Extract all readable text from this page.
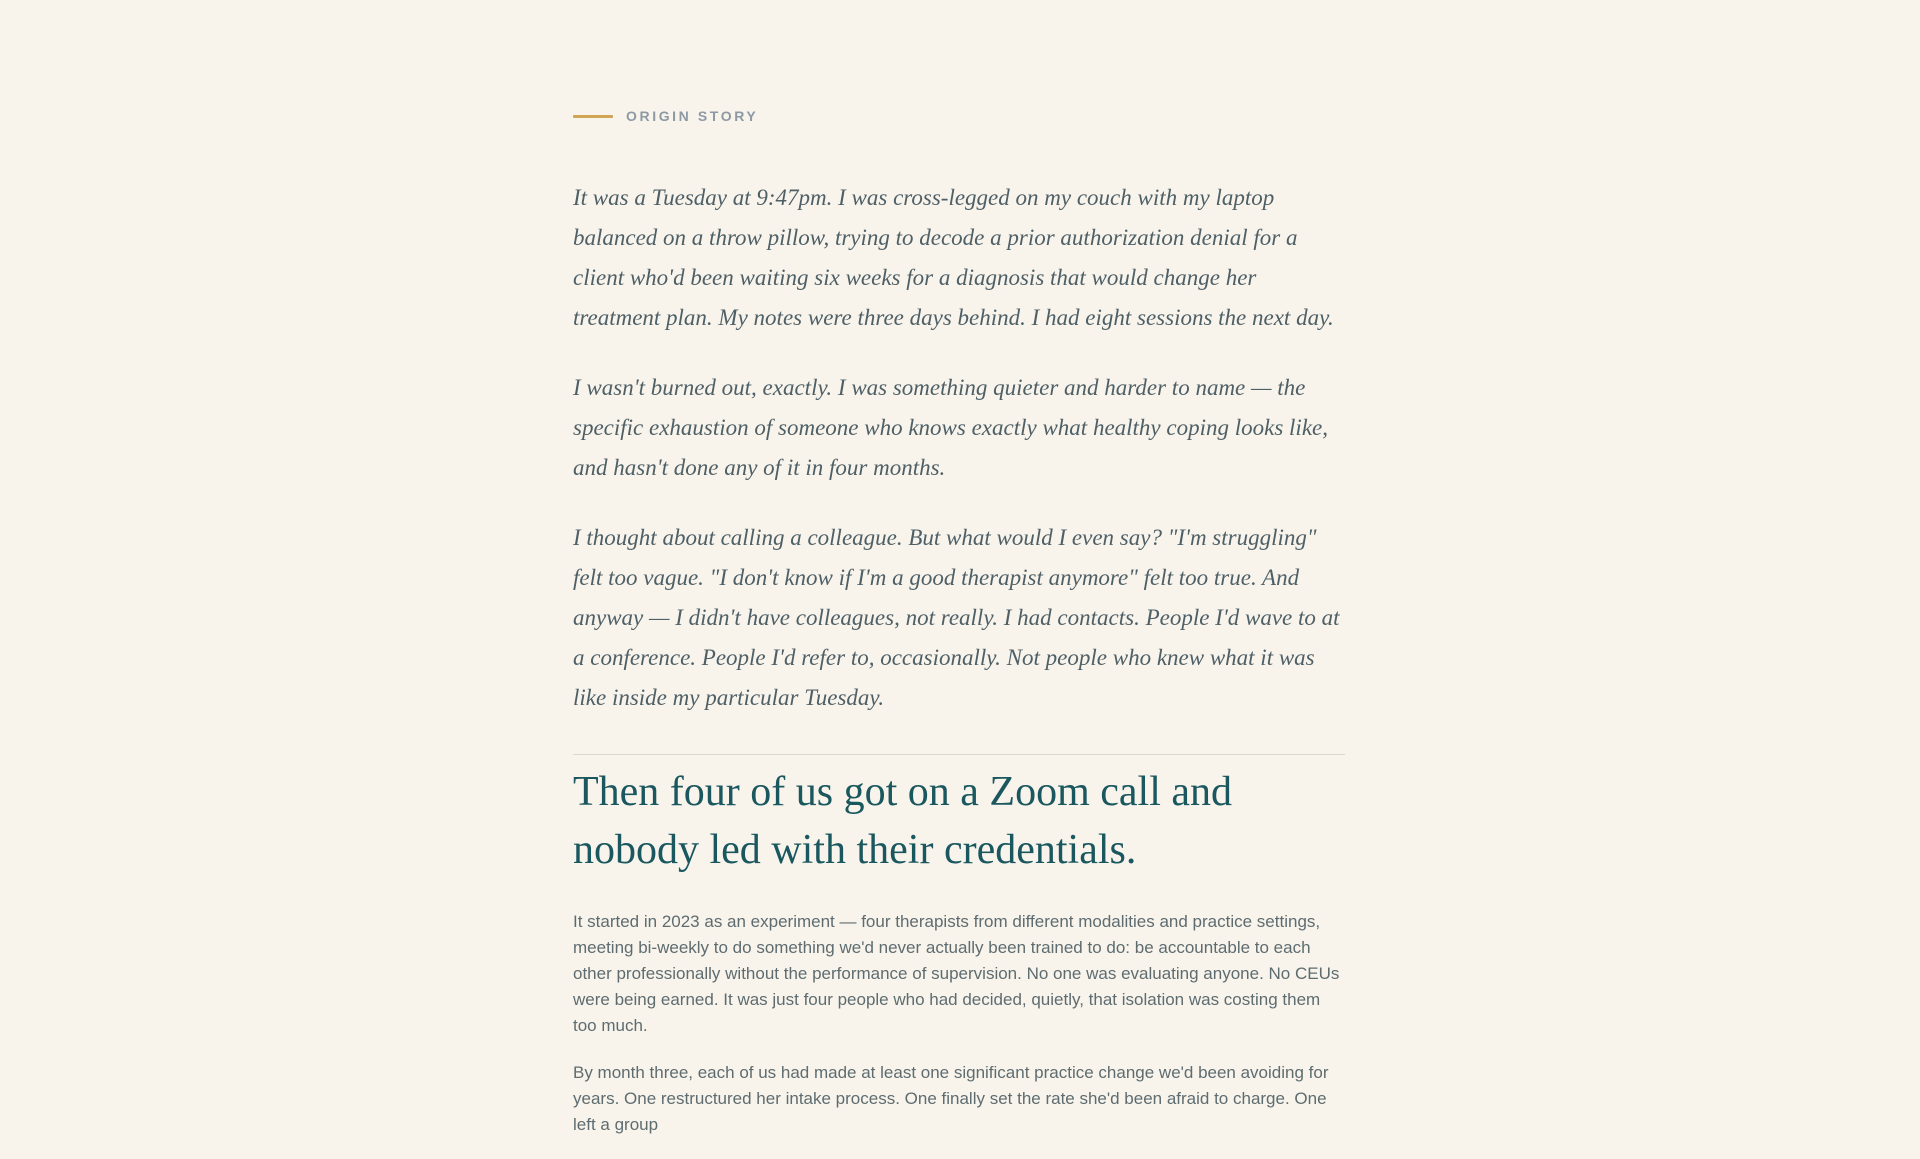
ORIGIN STORY

It was a Tuesday at 9:47pm. I was cross-legged on my couch with my laptop balanced on a throw pillow, trying to decode a prior authorization denial for a client who'd been waiting six weeks for a diagnosis that would change her treatment plan. My notes were three days behind. I had eight sessions the next day.

I wasn't burned out, exactly. I was something quieter and harder to name — the specific exhaustion of someone who knows exactly what healthy coping looks like, and hasn't done any of it in four months.

I thought about calling a colleague. But what would I even say? "I'm struggling" felt too vague. "I don't know if I'm a good therapist anymore" felt too true. And anyway — I didn't have colleagues, not really. I had contacts. People I'd wave to at a conference. People I'd refer to, occasionally. Not people who knew what it was like inside my particular Tuesday.

Then four of us got on a Zoom call and nobody led with their credentials.

It started in 2023 as an experiment — four therapists from different modalities and practice settings, meeting bi-weekly to do something we'd never actually been trained to do: be accountable to each other professionally without the performance of supervision. No one was evaluating anyone. No CEUs were being earned. It was just four people who had decided, quietly, that isolation was costing them too much.

By month three, each of us had made at least one significant practice change we'd been avoiding for years. One restructured her intake process. One finally set the rate she'd been afraid to charge. One left a group
